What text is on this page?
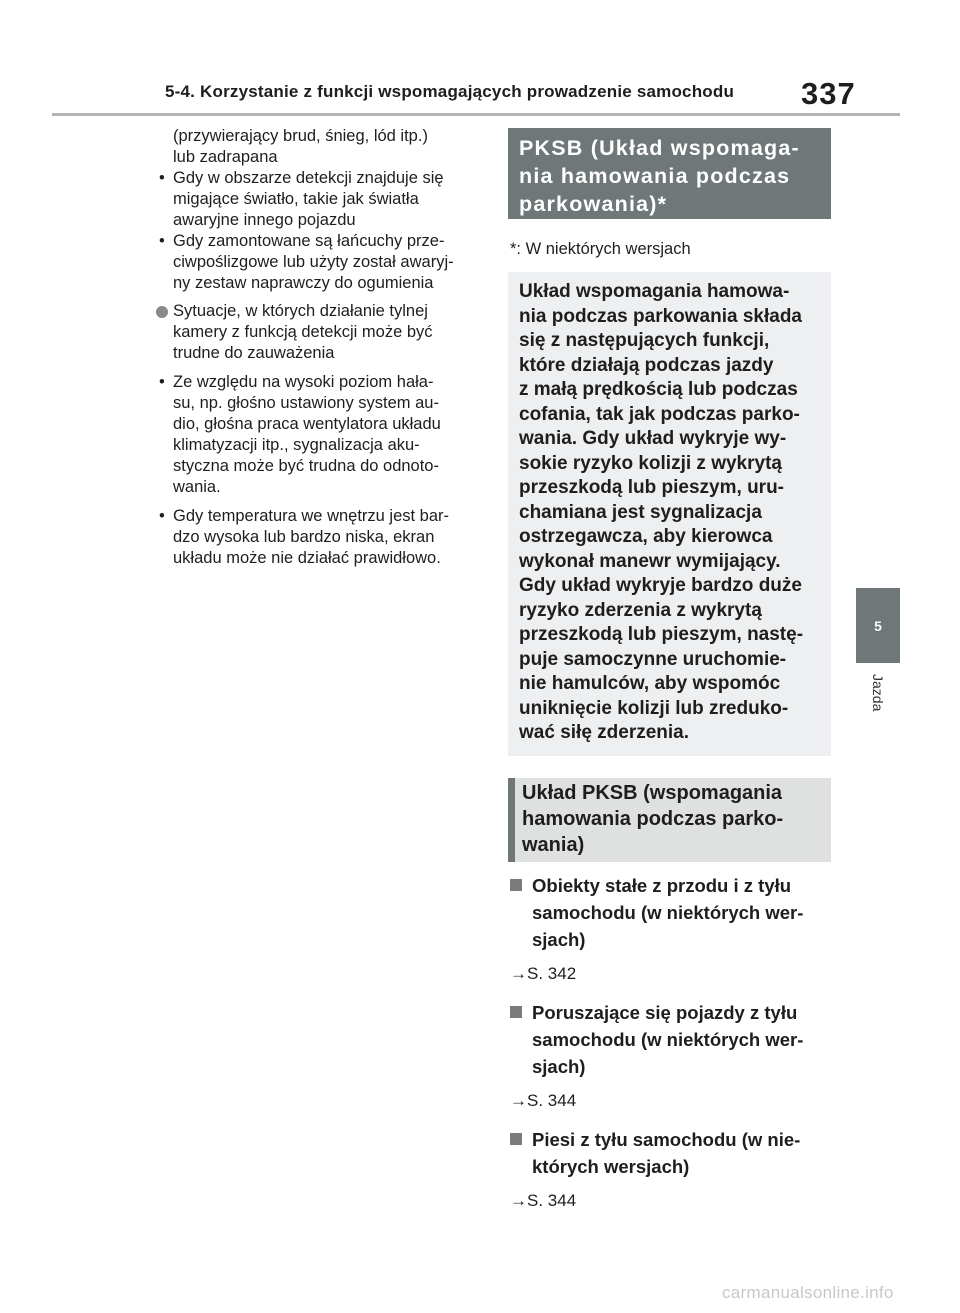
5-4. Korzystanie z funkcji wspomagających prowadzenie samochodu 337
(przywierający brud, śnieg, lód itp.)
lub zadrapana
• Gdy w obszarze detekcji znajduje się
migające światło, takie jak światła
awaryjne innego pojazdu
• Gdy zamontowane są łańcuchy prze-
ciwpoślizgowe lub użyty został awaryj-
ny zestaw naprawczy do ogumienia
Sytuacje, w których działanie tylnej
kamery z funkcją detekcji może być
trudne do zauważenia
• Ze względu na wysoki poziom hała-
su, np. głośno ustawiony system au-
dio, głośna praca wentylatora układu
klimatyzacji itp., sygnalizacja aku-
styczna może być trudna do odnoto-
wania.
• Gdy temperatura we wnętrzu jest bar-
dzo wysoka lub bardzo niska, ekran
układu może nie działać prawidłowo.
PKSB (Układ wspomaga-
nia hamowania podczas
parkowania)*
*: W niektórych wersjach
Układ wspomagania hamowa-
nia podczas parkowania składa
się z następujących funkcji,
które działają podczas jazdy
z małą prędkością lub podczas
cofania, tak jak podczas parko-
wania. Gdy układ wykryje wy-
sokie ryzyko kolizji z wykrytą
przeszkodą lub pieszym, uru-
chamiana jest sygnalizacja
ostrzegawcza, aby kierowca
wykonał manewr wymijający.
Gdy układ wykryje bardzo duże
ryzyko zderzenia z wykrytą
przeszkodą lub pieszym, nastę-
puje samoczynne uruchomie-
nie hamulców, aby wspomóc
uniknięcie kolizji lub zreduko-
wać siłę zderzenia.
Układ PKSB (wspomagania
hamowania podczas parko-
wania)
Obiekty stałe z przodu i z tyłu
samochodu (w niektórych wer-
sjach)
→S. 342
Poruszające się pojazdy z tyłu
samochodu (w niektórych wer-
sjach)
→S. 344
Piesi z tyłu samochodu (w nie-
których wersjach)
→S. 344
5
Jazda
carmanualsonline.info
